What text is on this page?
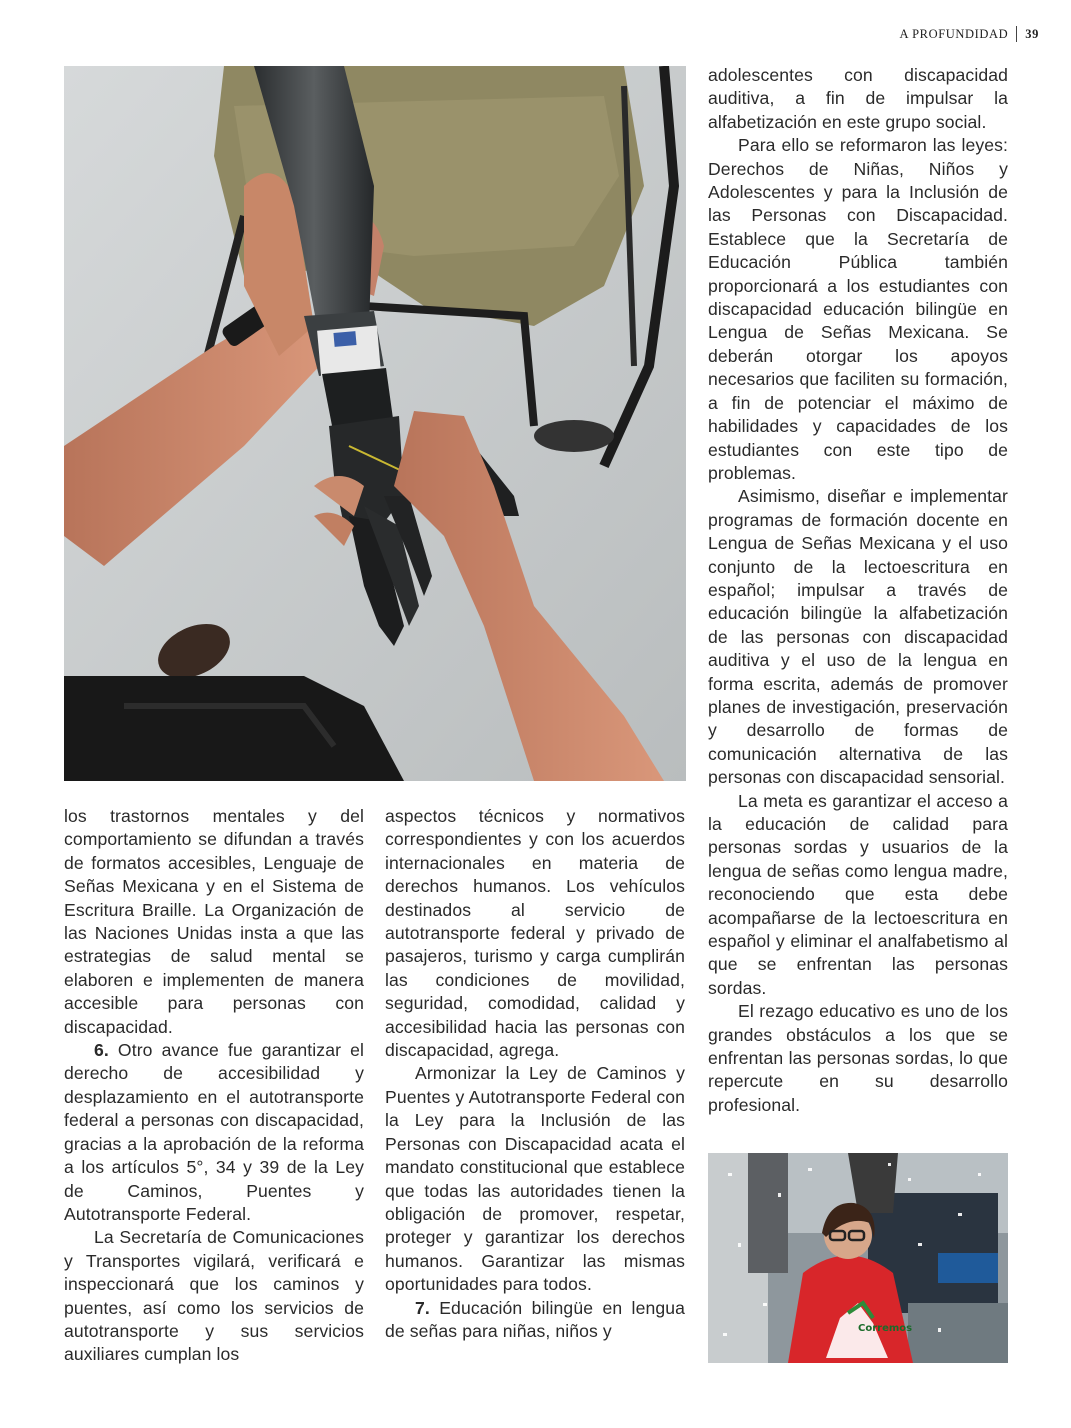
A PROFUNDIDAD 39

los trastornos mentales y del comportamiento se difundan a través de formatos accesibles, Lenguaje de Señas Mexicana y en el Sistema de Escritura Braille. La Organización de las Naciones Unidas insta a que las estrategias de salud mental se elaboren e implementen de manera accesible para personas con discapacidad.

6. Otro avance fue garantizar el derecho de accesibilidad y desplazamiento en el autotransporte federal a personas con discapacidad, gracias a la aprobación de la reforma a los artículos 5°, 34 y 39 de la Ley de Caminos, Puentes y Autotransporte Federal.

La Secretaría de Comunicaciones y Transportes vigilará, verificará e inspeccionará que los caminos y puentes, así como los servicios de autotransporte y sus servicios auxiliares cumplan los

aspectos técnicos y normativos correspondientes y con los acuerdos internacionales en materia de derechos humanos. Los vehículos destinados al servicio de autotransporte federal y privado de pasajeros, turismo y carga cumplirán las condiciones de movilidad, seguridad, comodidad, calidad y accesibilidad hacia las personas con discapacidad, agrega.

Armonizar la Ley de Caminos y Puentes y Autotransporte Federal con la Ley para la Inclusión de las Personas con Discapacidad acata el mandato constitucional que establece que todas las autoridades tienen la obligación de promover, respetar, proteger y garantizar los derechos humanos. Garantizar las mismas oportunidades para todos.

7. Educación bilingüe en lengua de señas para niñas, niños y

adolescentes con discapacidad auditiva, a fin de impulsar la alfabetización en este grupo social.

Para ello se reformaron las leyes: Derechos de Niñas, Niños y Adolescentes y para la Inclusión de las Personas con Discapacidad. Establece que la Secretaría de Educación Pública también proporcionará a los estudiantes con discapacidad educación bilingüe en Lengua de Señas Mexicana. Se deberán otorgar los apoyos necesarios que faciliten su formación, a fin de potenciar el máximo de habilidades y capacidades de los estudiantes con este tipo de problemas.

Asimismo, diseñar e implementar programas de formación docente en Lengua de Señas Mexicana y el uso conjunto de la lectoescritura en español; impulsar a través de educación bilingüe la alfabetización de las personas con discapacidad auditiva y el uso de la lengua en forma escrita, además de promover planes de investigación, preservación y desarrollo de formas de comunicación alternativa de las personas con discapacidad sensorial.

La meta es garantizar el acceso a la educación de calidad para personas sordas y usuarios de la lengua de señas como lengua madre, reconociendo que esta debe acompañarse de la lectoescritura en español y eliminar el analfabetismo al que se enfrentan las personas sordas.

El rezago educativo es uno de los grandes obstáculos a los que se enfrentan las personas sordas, lo que repercute en su desarrollo profesional.

Corremos
